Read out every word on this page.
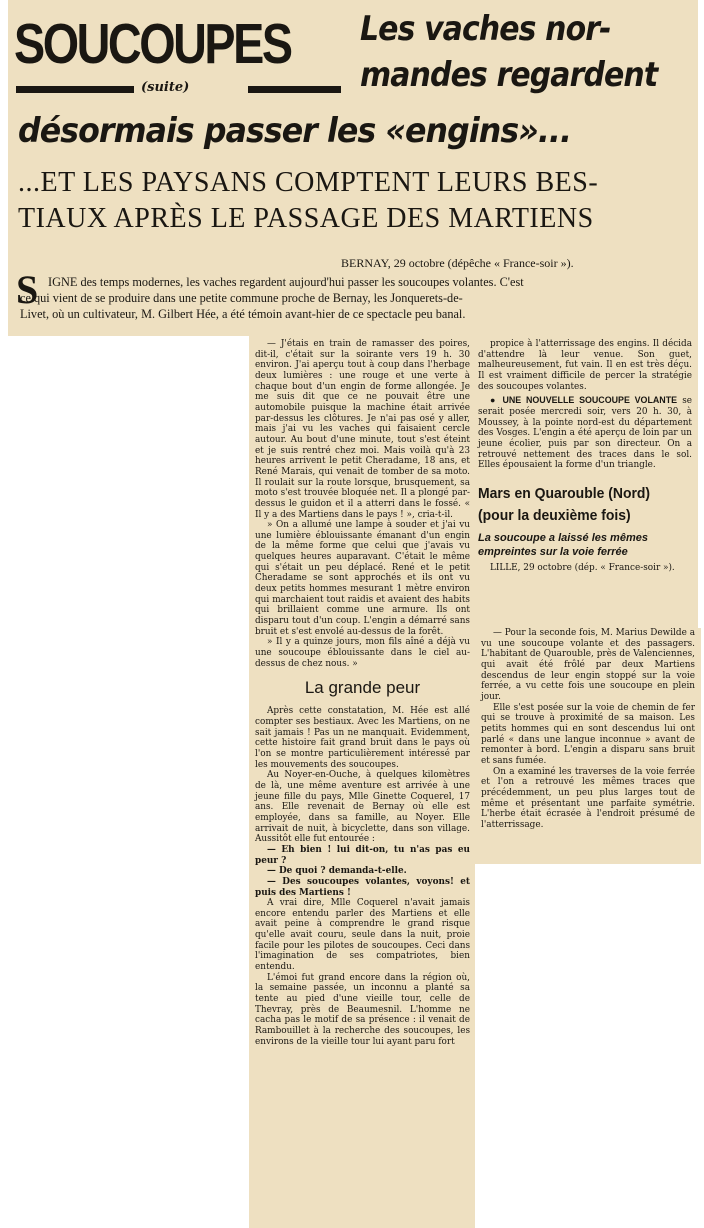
SOUCOUPES
(suite)
Les vaches nor-
mandes regardent
désormais passer les «engins»...
...ET LES PAYSANS COMPTENT LEURS BES-
TIAUX APRÈS LE PASSAGE DES MARTIENS
BERNAY, 29 octobre (dépêche « France-soir »).
S IGNE des temps modernes, les vaches regardent aujourd'hui passer les soucoupes volantes. C'est
ce qui vient de se produire dans une petite commune proche de Bernay, les Jonquerets-de-
Livet, où un cultivateur, M. Gilbert Hée, a été témoin avant-hier de ce spectacle peu banal.

— J'étais en train de ramasser des poires, dit-il, c'était sur la soirante vers 19 h. 30 environ. J'ai aperçu tout à coup dans l'herbage deux lumières : une rouge et une verte à chaque bout d'un engin de forme allongée. Je me suis dit que ce ne pouvait être une automobile puisque la machine était arrivée par-dessus les clôtures. Je n'ai pas osé y aller, mais j'ai vu les vaches qui faisaient cercle autour. Au bout d'une minute, tout s'est éteint et je suis rentré chez moi. Mais voilà qu'à 23 heures arrivent le petit Cheradame, 18 ans, et René Marais, qui venait de tomber de sa moto. Il roulait sur la route lorsque, brusquement, sa moto s'est trouvée bloquée net. Il a plongé par-dessus le guidon et il a atterri dans le fossé. « Il y a des Martiens dans le pays ! », cria-t-il.

» On a allumé une lampe à souder et j'ai vu une lumière éblouissante émanant d'un engin de la même forme que celui que j'avais vu quelques heures auparavant. C'était le même qui s'était un peu déplacé. René et le petit Cheradame se sont approchés et ils ont vu deux petits hommes mesurant 1 mètre environ qui marchaient tout raidis et avaient des habits qui brillaient comme une armure. Ils ont disparu tout d'un coup. L'engin a démarré sans bruit et s'est envolé au-dessus de la forêt.

» Il y a quinze jours, mon fils aîné a déjà vu une soucoupe éblouissante dans le ciel au-dessus de chez nous. »

La grande peur

Après cette constatation, M. Hée est allé compter ses bestiaux. Avec les Martiens, on ne sait jamais ! Pas un ne manquait. Evidemment, cette histoire fait grand bruit dans le pays où l'on se montre particulièrement intéressé par les mouvements des soucoupes.

Au Noyer-en-Ouche, à quelques kilomètres de là, une même aventure est arrivée à une jeune fille du pays, Mlle Ginette Coquerel, 17 ans. Elle revenait de Bernay où elle est employée, dans sa famille, au Noyer. Elle arrivait de nuit, à bicyclette, dans son village. Aussitôt elle fut entourée :

— Eh bien ! lui dit-on, tu n'as pas eu peur ?

— De quoi ? demanda-t-elle.

— Des soucoupes volantes, voyons! et puis des Martiens !

A vrai dire, Mlle Coquerel n'avait jamais encore entendu parler des Martiens et elle avait peine à comprendre le grand risque qu'elle avait couru, seule dans la nuit, proie facile pour les pilotes de soucoupes. Ceci dans l'imagination de ses compatriotes, bien entendu.

L'émoi fut grand encore dans la région où, la semaine passée, un inconnu a planté sa tente au pied d'une vieille tour, celle de Thevray, près de Beaumesnil. L'homme ne cacha pas le motif de sa présence : il venait de Rambouillet à la recherche des soucoupes, les environs de la vieille tour lui ayant paru fort

propice à l'atterrissage des engins. Il décida d'attendre là leur venue. Son guet, malheureusement, fut vain. Il en est très déçu. Il est vraiment difficile de percer la stratégie des soucoupes volantes.

● UNE NOUVELLE SOUCOUPE VOLANTE se serait posée mercredi soir, vers 20 h. 30, à Moussey, à la pointe nord-est du département des Vosges. L'engin a été aperçu de loin par un jeune écolier, puis par son directeur. On a retrouvé nettement des traces dans le sol. Elles épousaient la forme d'un triangle.

Mars en Quarouble (Nord)
(pour la deuxième fois)
La soucoupe a laissé les mêmes empreintes sur la voie ferrée

LILLE, 29 octobre (dép. « France-soir »).

— Pour la seconde fois, M. Marius Dewilde a vu une soucoupe volante et des passagers. L'habitant de Quarouble, près de Valenciennes, qui avait été frôlé par deux Martiens descendus de leur engin stoppé sur la voie ferrée, a vu cette fois une soucoupe en plein jour.

Elle s'est posée sur la voie de chemin de fer qui se trouve à proximité de sa maison. Les petits hommes qui en sont descendus lui ont parlé « dans une langue inconnue » avant de remonter à bord. L'engin a disparu sans bruit et sans fumée.

On a examiné les traverses de la voie ferrée et l'on a retrouvé les mêmes traces que précédemment, un peu plus larges tout de même et présentant une parfaite symétrie. L'herbe était écrasée à l'endroit présumé de l'atterrissage.
